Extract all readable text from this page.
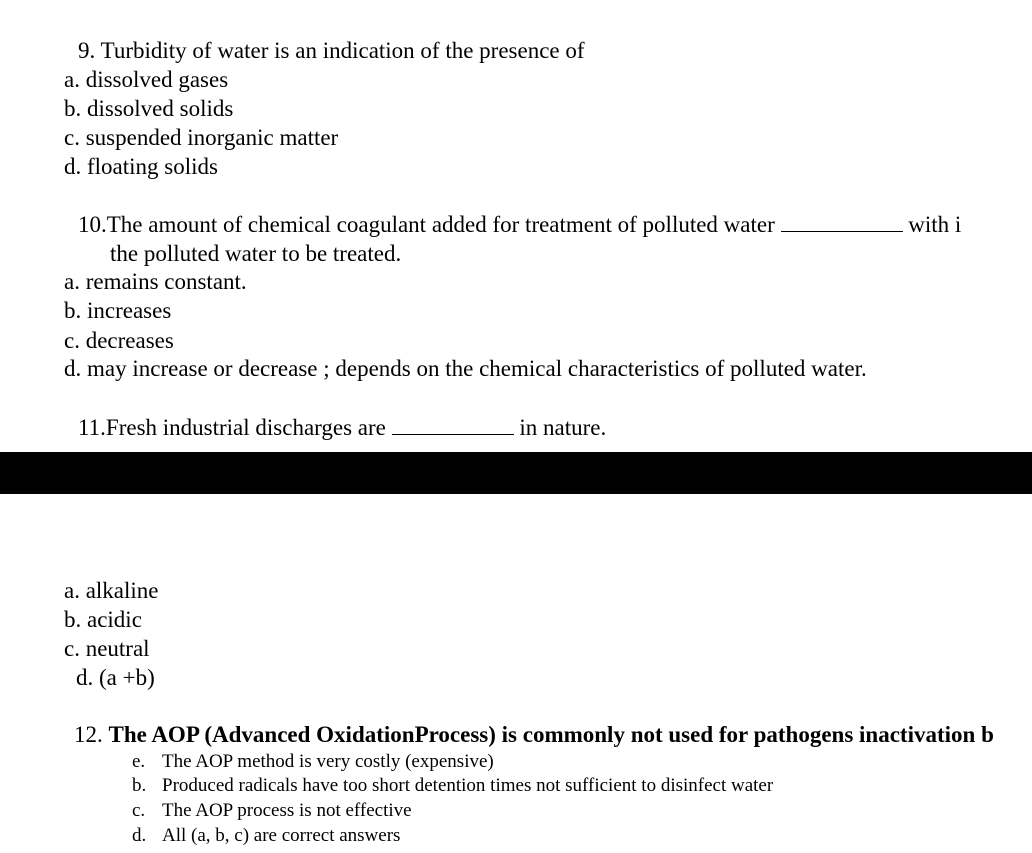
9. Turbidity of water is an indication of the presence of
a. dissolved gases
b. dissolved solids
c. suspended inorganic matter
d. floating solids
10.The amount of chemical coagulant added for treatment of polluted water	with i
the polluted water to be treated.
a. remains constant.
b. increases
c. decreases
d. may increase or decrease ; depends on the chemical characteristics of polluted water.
11.Fresh industrial discharges are	in nature.
a. alkaline
b. acidic
c. neutral
d. (a +b)
12. The AOP (Advanced OxidationProcess) is commonly not used for pathogens inactivation b
e. The AOP method is very costly (expensive)
b. Produced radicals have too short detention times not sufficient to disinfect water
c. The AOP process is not effective
d. All (a, b, c) are correct answers
